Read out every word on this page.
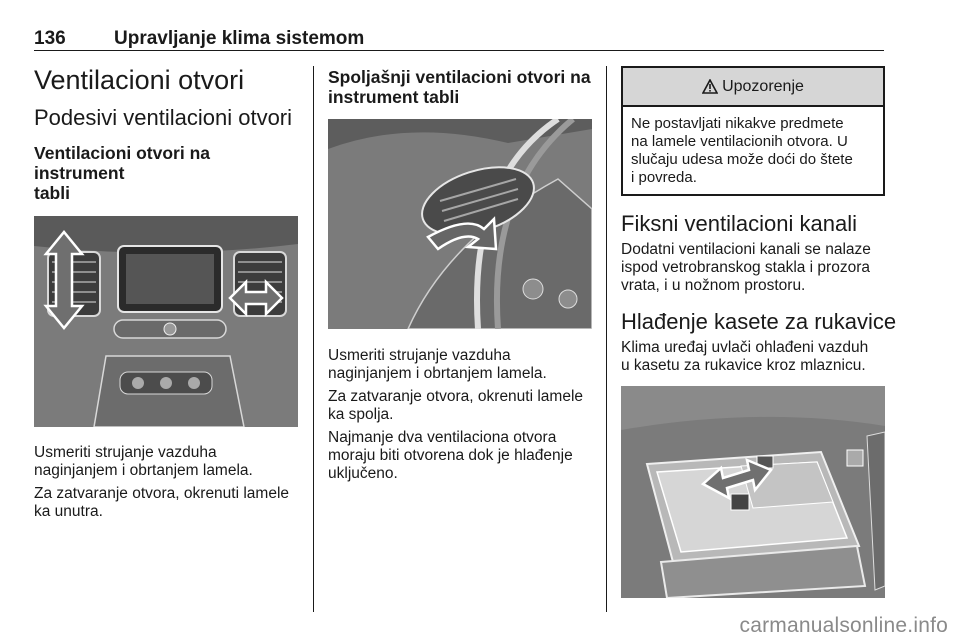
136	Upravljanje klima sistemom
Ventilacioni otvori
Podesivi ventilacioni otvori
Ventilacioni otvori na instrument
tabli
Usmeriti strujanje vazduha
naginjanjem i obrtanjem lamela.
Za zatvaranje otvora, okrenuti lamele
ka unutra.
Spoljašnji ventilacioni otvori na
instrument tabli
Usmeriti strujanje vazduha
naginjanjem i obrtanjem lamela.
Za zatvaranje otvora, okrenuti lamele
ka spolja.
Najmanje dva ventilaciona otvora
moraju biti otvorena dok je hlađenje
uključeno.
Upozorenje
Ne postavljati nikakve predmete
na lamele ventilacionih otvora. U
slučaju udesa može doći do štete
i povreda.
Fiksni ventilacioni kanali
Dodatni ventilacioni kanali se nalaze
ispod vetrobranskog stakla i prozora
vrata, i u nožnom prostoru.
Hlađenje kasete za rukavice
Klima uređaj uvlači ohlađeni vazduh
u kasetu za rukavice kroz mlaznicu.
carmanualsonline.info
